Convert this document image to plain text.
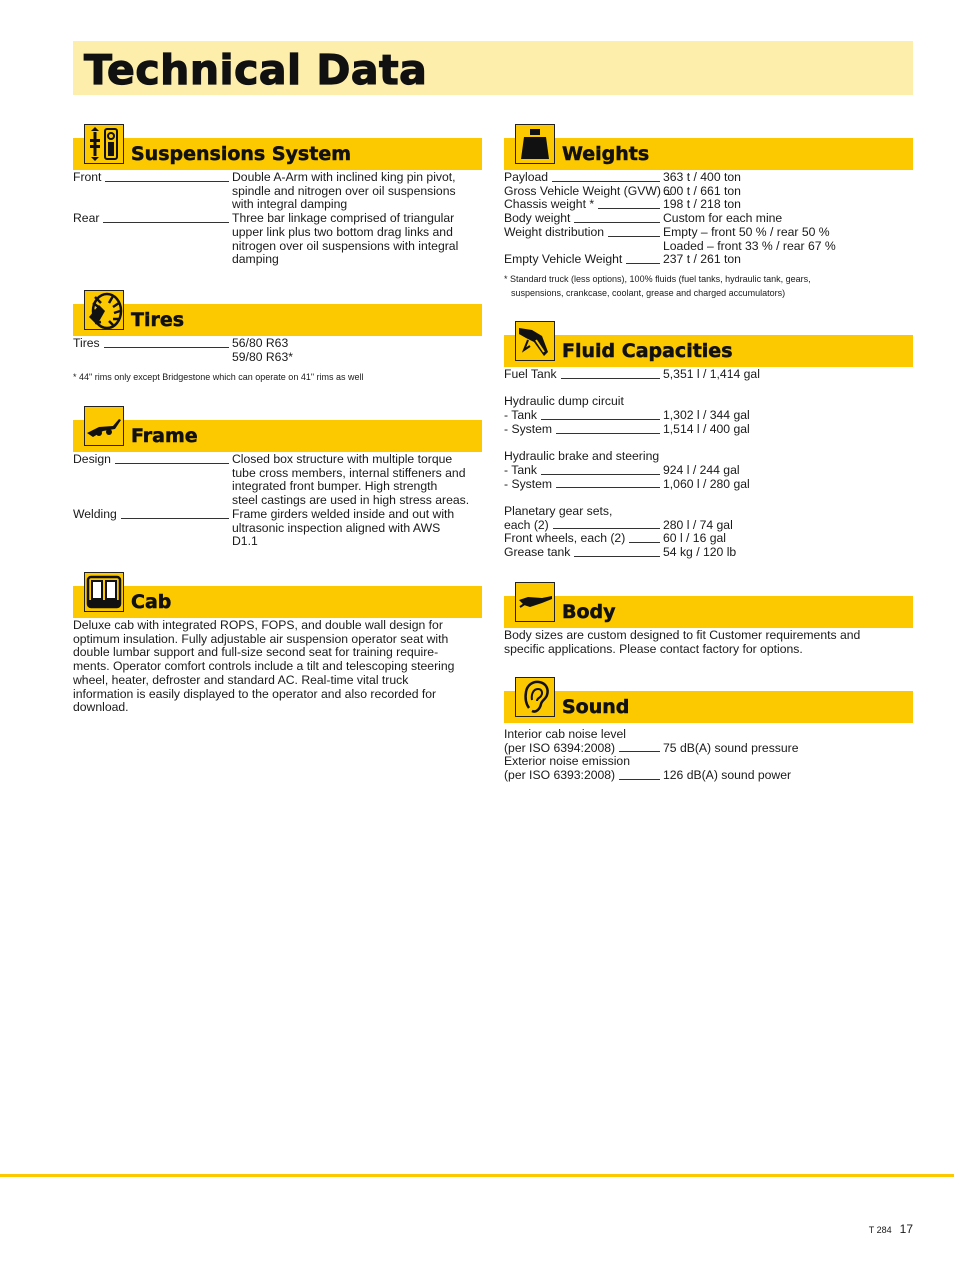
Technical Data
Suspensions System
Front	Double A-Arm with inclined king pin pivot,
spindle and nitrogen over oil suspensions
with integral damping
Rear	Three bar linkage comprised of triangular
upper link plus two bottom drag links and
nitrogen over oil suspensions with integral
damping
Tires
Tires	56/80 R63
59/80 R63*
* 44" rims only except Bridgestone which can operate on 41" rims as well
Frame
Design	Closed box structure with multiple torque
tube cross members, internal stiffeners and
integrated front bumper. High strength
steel castings are used in high stress areas.
Welding	Frame girders welded inside and out with
ultrasonic inspection aligned with AWS
D1.1
Cab
Deluxe cab with integrated ROPS, FOPS, and double wall design for
optimum insulation. Fully adjustable air suspension operator seat with
double lumbar support and full-size second seat for training require-
ments. Operator comfort controls include a tilt and telescoping steering
wheel, heater, defroster and standard AC. Real-time vital truck
information is easily displayed to the operator and also recorded for
download.
Weights
Payload	363 t / 400 ton
Gross Vehicle Weight (GVW) 600 t / 661 ton
Chassis weight *	198 t / 218 ton
Body weight	Custom for each mine
Weight distribution	Empty – front 50 % / rear 50 %
Loaded – front 33 % / rear 67 %
Empty Vehicle Weight	237 t / 261 ton
* Standard truck (less options), 100% fluids (fuel tanks, hydraulic tank, gears,
suspensions, crankcase, coolant, grease and charged accumulators)
Fluid Capacities
Fuel Tank	5,351 l / 1,414 gal
Hydraulic dump circuit
- Tank	1,302 l / 344 gal
- System	1,514 l / 400 gal
Hydraulic brake and steering
- Tank	924 l / 244 gal
- System	1,060 l / 280 gal
Planetary gear sets,
each (2)	280 l / 74 gal
Front wheels, each (2)	60 l / 16 gal
Grease tank	54 kg / 120 lb
Body
Body sizes are custom designed to fit Customer requirements and
specific applications. Please contact factory for options.
Sound
Interior cab noise level
(per ISO 6394:2008)	75 dB(A) sound pressure
Exterior noise emission
(per ISO 6393:2008)	126 dB(A) sound power
T 284 17
